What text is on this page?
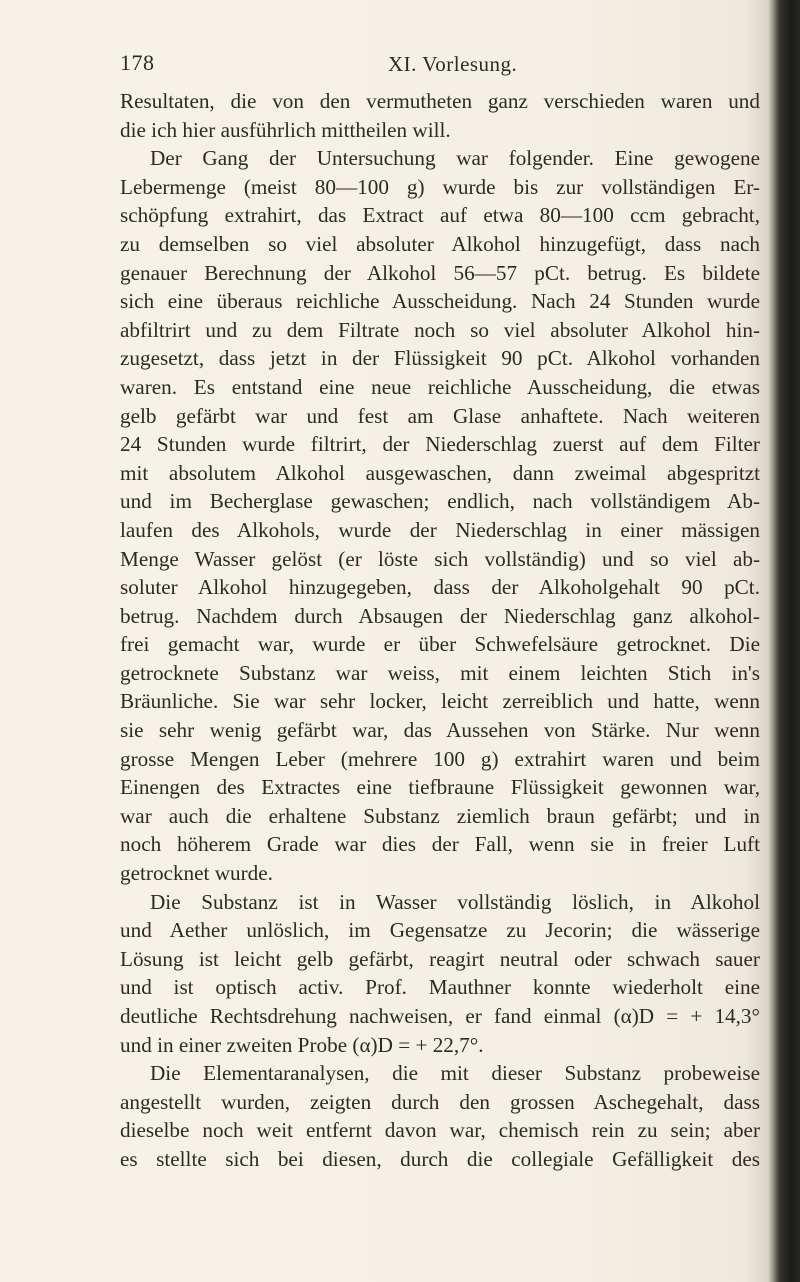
178	XI. Vorlesung.
Resultaten, die von den vermutheten ganz verschieden waren und
die ich hier ausführlich mittheilen will.
Der Gang der Untersuchung war folgender. Eine gewogene
Lebermenge (meist 80—100 g) wurde bis zur vollständigen Er-
schöpfung extrahirt, das Extract auf etwa 80—100 ccm gebracht,
zu demselben so viel absoluter Alkohol hinzugefügt, dass nach
genauer Berechnung der Alkohol 56—57 pCt. betrug. Es bildete
sich eine überaus reichliche Ausscheidung. Nach 24 Stunden wurde
abfiltrirt und zu dem Filtrate noch so viel absoluter Alkohol hin-
zugesetzt, dass jetzt in der Flüssigkeit 90 pCt. Alkohol vorhanden
waren. Es entstand eine neue reichliche Ausscheidung, die etwas
gelb gefärbt war und fest am Glase anhaftete. Nach weiteren
24 Stunden wurde filtrirt, der Niederschlag zuerst auf dem Filter
mit absolutem Alkohol ausgewaschen, dann zweimal abgespritzt
und im Becherglase gewaschen; endlich, nach vollständigem Ab-
laufen des Alkohols, wurde der Niederschlag in einer mässigen
Menge Wasser gelöst (er löste sich vollständig) und so viel ab-
soluter Alkohol hinzugegeben, dass der Alkoholgehalt 90 pCt.
betrug. Nachdem durch Absaugen der Niederschlag ganz alkohol-
frei gemacht war, wurde er über Schwefelsäure getrocknet. Die
getrocknete Substanz war weiss, mit einem leichten Stich in's
Bräunliche. Sie war sehr locker, leicht zerreiblich und hatte, wenn
sie sehr wenig gefärbt war, das Aussehen von Stärke. Nur wenn
grosse Mengen Leber (mehrere 100 g) extrahirt waren und beim
Einengen des Extractes eine tiefbraune Flüssigkeit gewonnen war,
war auch die erhaltene Substanz ziemlich braun gefärbt; und in
noch höherem Grade war dies der Fall, wenn sie in freier Luft
getrocknet wurde.
Die Substanz ist in Wasser vollständig löslich, in Alkohol
und Aether unlöslich, im Gegensatze zu Jecorin; die wässerige
Lösung ist leicht gelb gefärbt, reagirt neutral oder schwach sauer
und ist optisch activ. Prof. Mauthner konnte wiederholt eine
deutliche Rechtsdrehung nachweisen, er fand einmal (α)D = + 14,3°
und in einer zweiten Probe (α)D = + 22,7°.
Die Elementaranalysen, die mit dieser Substanz probeweise
angestellt wurden, zeigten durch den grossen Aschegehalt, dass
dieselbe noch weit entfernt davon war, chemisch rein zu sein; aber
es stellte sich bei diesen, durch die collegiale Gefälligkeit des
